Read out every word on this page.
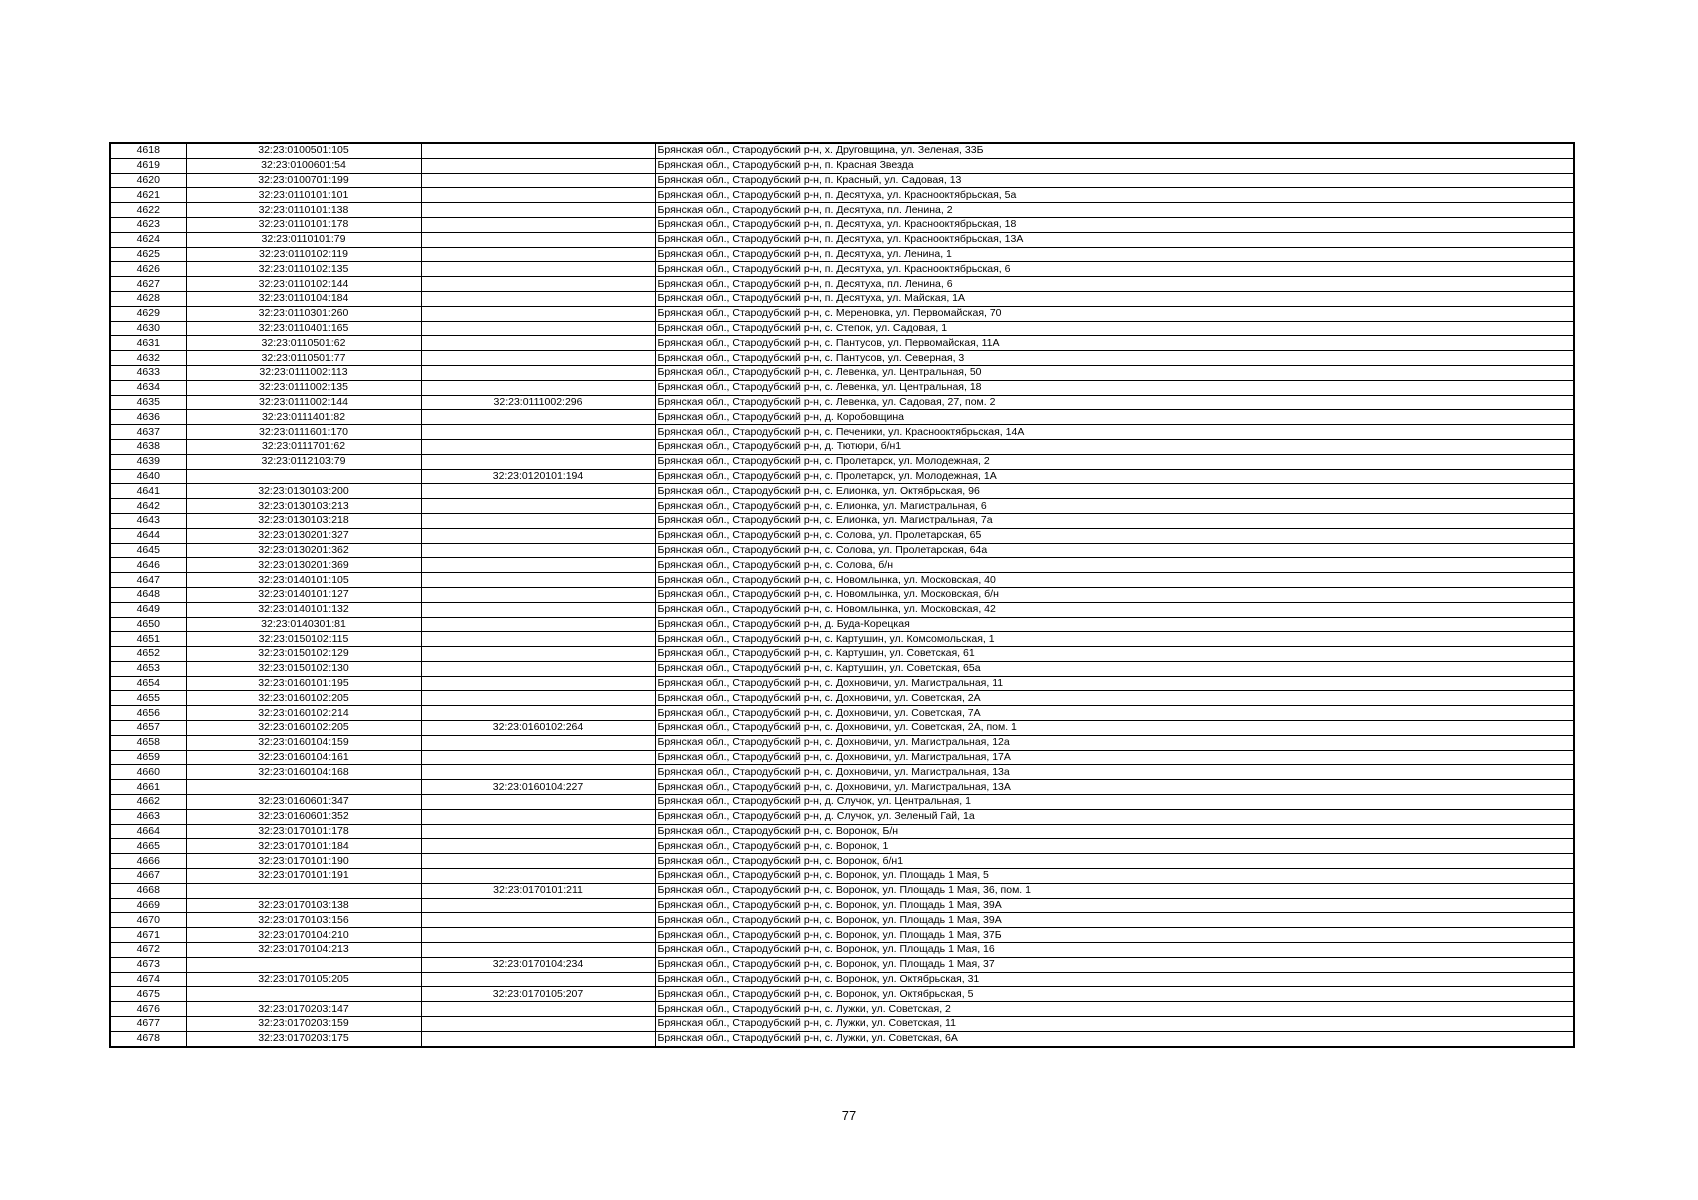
4618	32:23:0100501:105		Брянская обл., Стародубский р-н, х. Друговщина, ул. Зеленая, 33Б
4619	32:23:0100601:54		Брянская обл., Стародубский р-н, п. Красная Звезда
4620	32:23:0100701:199		Брянская обл., Стародубский р-н, п. Красный, ул. Садовая, 13
4621	32:23:0110101:101		Брянская обл., Стародубский р-н, п. Десятуха, ул. Краснооктябрьская, 5а
4622	32:23:0110101:138		Брянская обл., Стародубский р-н, п. Десятуха, пл. Ленина, 2
4623	32:23:0110101:178		Брянская обл., Стародубский р-н, п. Десятуха, ул. Краснооктябрьская, 18
4624	32:23:0110101:79		Брянская обл., Стародубский р-н, п. Десятуха, ул. Краснооктябрьская, 13А
4625	32:23:0110102:119		Брянская обл., Стародубский р-н, п. Десятуха, ул. Ленина, 1
4626	32:23:0110102:135		Брянская обл., Стародубский р-н, п. Десятуха, ул. Краснооктябрьская, 6
4627	32:23:0110102:144		Брянская обл., Стародубский р-н, п. Десятуха, пл. Ленина, 6
4628	32:23:0110104:184		Брянская обл., Стародубский р-н, п. Десятуха, ул. Майская, 1А
4629	32:23:0110301:260		Брянская обл., Стародубский р-н, с. Мереновка, ул. Первомайская, 70
4630	32:23:0110401:165		Брянская обл., Стародубский р-н, с. Степок, ул. Садовая, 1
4631	32:23:0110501:62		Брянская обл., Стародубский р-н, с. Пантусов, ул. Первомайская, 11А
4632	32:23:0110501:77		Брянская обл., Стародубский р-н, с. Пантусов, ул. Северная, 3
4633	32:23:0111002:113		Брянская обл., Стародубский р-н, с. Левенка, ул. Центральная, 50
4634	32:23:0111002:135		Брянская обл., Стародубский р-н, с. Левенка, ул. Центральная, 18
4635	32:23:0111002:144	32:23:0111002:296	Брянская обл., Стародубский р-н, с. Левенка, ул. Садовая, 27, пом. 2
4636	32:23:0111401:82		Брянская обл., Стародубский р-н, д. Коробовщина
4637	32:23:0111601:170		Брянская обл., Стародубский р-н, с. Печеники, ул. Краснооктябрьская, 14А
4638	32:23:0111701:62		Брянская обл., Стародубский р-н, д. Тютюри, б/н1
4639	32:23:0112103:79		Брянская обл., Стародубский р-н, с. Пролетарск, ул. Молодежная, 2
4640		32:23:0120101:194	Брянская обл., Стародубский р-н, с. Пролетарск, ул. Молодежная, 1А
4641	32:23:0130103:200		Брянская обл., Стародубский р-н, с. Елионка, ул. Октябрьская, 96
4642	32:23:0130103:213		Брянская обл., Стародубский р-н, с. Елионка, ул. Магистральная, 6
4643	32:23:0130103:218		Брянская обл., Стародубский р-н, с. Елионка, ул. Магистральная, 7а
4644	32:23:0130201:327		Брянская обл., Стародубский р-н, с. Солова, ул. Пролетарская, 65
4645	32:23:0130201:362		Брянская обл., Стародубский р-н, с. Солова, ул. Пролетарская, 64а
4646	32:23:0130201:369		Брянская обл., Стародубский р-н, с. Солова, б/н
4647	32:23:0140101:105		Брянская обл., Стародубский р-н, с. Новомлынка, ул. Московская, 40
4648	32:23:0140101:127		Брянская обл., Стародубский р-н, с. Новомлынка, ул. Московская, б/н
4649	32:23:0140101:132		Брянская обл., Стародубский р-н, с. Новомлынка, ул. Московская, 42
4650	32:23:0140301:81		Брянская обл., Стародубский р-н, д. Буда-Корецкая
4651	32:23:0150102:115		Брянская обл., Стародубский р-н, с. Картушин, ул. Комсомольская, 1
4652	32:23:0150102:129		Брянская обл., Стародубский р-н, с. Картушин, ул. Советская, 61
4653	32:23:0150102:130		Брянская обл., Стародубский р-н, с. Картушин, ул. Советская, 65а
4654	32:23:0160101:195		Брянская обл., Стародубский р-н, с. Дохновичи, ул. Магистральная, 11
4655	32:23:0160102:205		Брянская обл., Стародубский р-н, с. Дохновичи, ул. Советская, 2А
4656	32:23:0160102:214		Брянская обл., Стародубский р-н, с. Дохновичи, ул. Советская, 7А
4657	32:23:0160102:205	32:23:0160102:264	Брянская обл., Стародубский р-н, с. Дохновичи, ул. Советская, 2А, пом. 1
4658	32:23:0160104:159		Брянская обл., Стародубский р-н, с. Дохновичи, ул. Магистральная, 12а
4659	32:23:0160104:161		Брянская обл., Стародубский р-н, с. Дохновичи, ул. Магистральная, 17А
4660	32:23:0160104:168		Брянская обл., Стародубский р-н, с. Дохновичи, ул. Магистральная, 13а
4661		32:23:0160104:227	Брянская обл., Стародубский р-н, с. Дохновичи, ул. Магистральная, 13А
4662	32:23:0160601:347		Брянская обл., Стародубский р-н, д. Случок, ул. Центральная, 1
4663	32:23:0160601:352		Брянская обл., Стародубский р-н, д. Случок, ул. Зеленый Гай, 1а
4664	32:23:0170101:178		Брянская обл., Стародубский р-н, с. Воронок, Б/н
4665	32:23:0170101:184		Брянская обл., Стародубский р-н, с. Воронок, 1
4666	32:23:0170101:190		Брянская обл., Стародубский р-н, с. Воронок, б/н1
4667	32:23:0170101:191		Брянская обл., Стародубский р-н, с. Воронок, ул. Площадь 1 Мая, 5
4668		32:23:0170101:211	Брянская обл., Стародубский р-н, с. Воронок, ул. Площадь 1 Мая, 36, пом. 1
4669	32:23:0170103:138		Брянская обл., Стародубский р-н, с. Воронок, ул. Площадь 1 Мая, 39А
4670	32:23:0170103:156		Брянская обл., Стародубский р-н, с. Воронок, ул. Площадь 1 Мая, 39А
4671	32:23:0170104:210		Брянская обл., Стародубский р-н, с. Воронок, ул. Площадь 1 Мая, 37Б
4672	32:23:0170104:213		Брянская обл., Стародубский р-н, с. Воронок, ул. Площадь 1 Мая, 16
4673		32:23:0170104:234	Брянская обл., Стародубский р-н, с. Воронок, ул. Площадь 1 Мая, 37
4674	32:23:0170105:205		Брянская обл., Стародубский р-н, с. Воронок, ул. Октябрьская, 31
4675		32:23:0170105:207	Брянская обл., Стародубский р-н, с. Воронок, ул. Октябрьская, 5
4676	32:23:0170203:147		Брянская обл., Стародубский р-н, с. Лужки, ул. Советская, 2
4677	32:23:0170203:159		Брянская обл., Стародубский р-н, с. Лужки, ул. Советская, 11
4678	32:23:0170203:175		Брянская обл., Стародубский р-н, с. Лужки, ул. Советская, 6А
77
